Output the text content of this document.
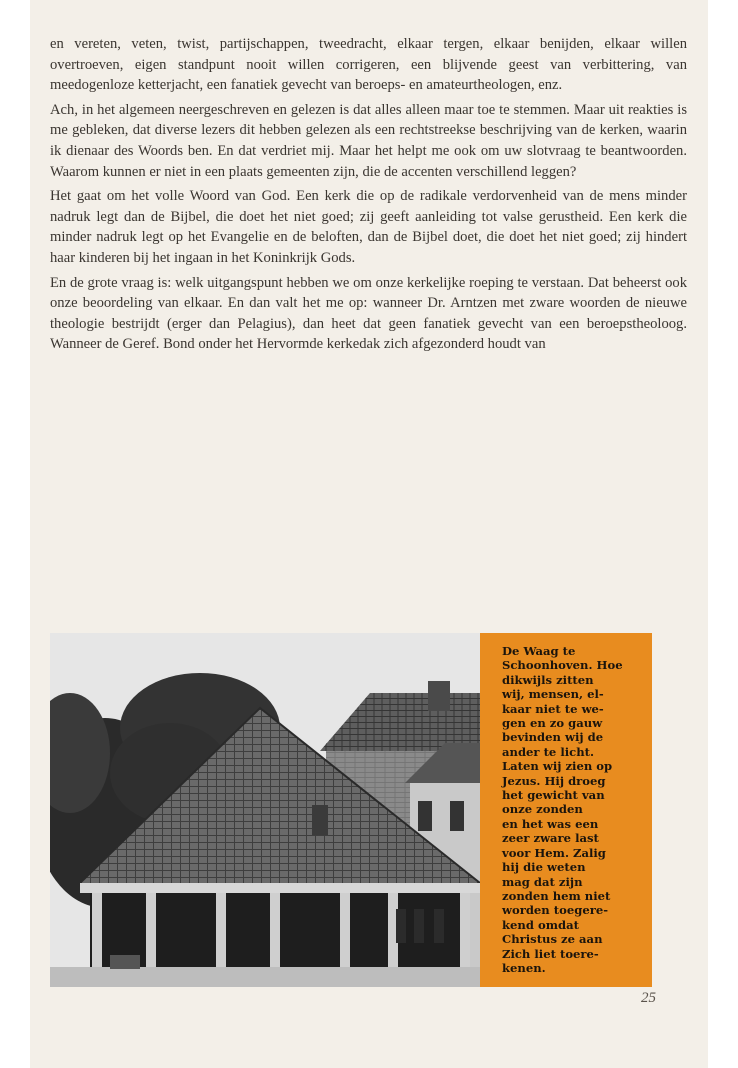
en vereten, veten, twist, partijschappen, tweedracht, elkaar tergen, elkaar benijden, elkaar willen overtroeven, eigen standpunt nooit willen corrigeren, een blijvende geest van verbittering, van meedogenloze ketterjacht, een fanatiek gevecht van beroeps- en amateurtheologen, enz.

Ach, in het algemeen neergeschreven en gelezen is dat alles alleen maar toe te stemmen. Maar uit reakties is me gebleken, dat diverse lezers dit hebben gelezen als een rechtstreekse beschrijving van de kerken, waarin ik dienaar des Woords ben. En dat verdriet mij. Maar het helpt me ook om uw slotvraag te beantwoorden. Waarom kunnen er niet in een plaats gemeenten zijn, die de accenten verschillend leggen?

Het gaat om het volle Woord van God. Een kerk die op de radikale verdorvenheid van de mens minder nadruk legt dan de Bijbel, die doet het niet goed; zij geeft aanleiding tot valse gerustheid. Een kerk die minder nadruk legt op het Evangelie en de beloften, dan de Bijbel doet, die doet het niet goed; zij hindert haar kinderen bij het ingaan in het Koninkrijk Gods.

En de grote vraag is: welk uitgangspunt hebben we om onze kerkelijke roeping te verstaan. Dat beheerst ook onze beoordeling van elkaar. En dan valt het me op: wanneer Dr. Arntzen met zware woorden de nieuwe theologie bestrijdt (erger dan Pelagius), dan heet dat geen fanatiek gevecht van een beroepstheoloog. Wanneer de Geref. Bond onder het Hervormde kerkedak zich afgezonderd houdt van

De Waag te
Schoonhoven. Hoe
dikwijls zitten
wij, mensen, el-
kaar niet te we-
gen en zo gauw
bevinden wij de
ander te licht.
Laten wij zien op
Jezus. Hij droeg
het gewicht van
onze zonden
en het was een
zeer zware last
voor Hem. Zalig
hij die weten
mag dat zijn
zonden hem niet
worden toegere-
kend omdat
Christus ze aan
Zich liet toere-
kenen.
25
